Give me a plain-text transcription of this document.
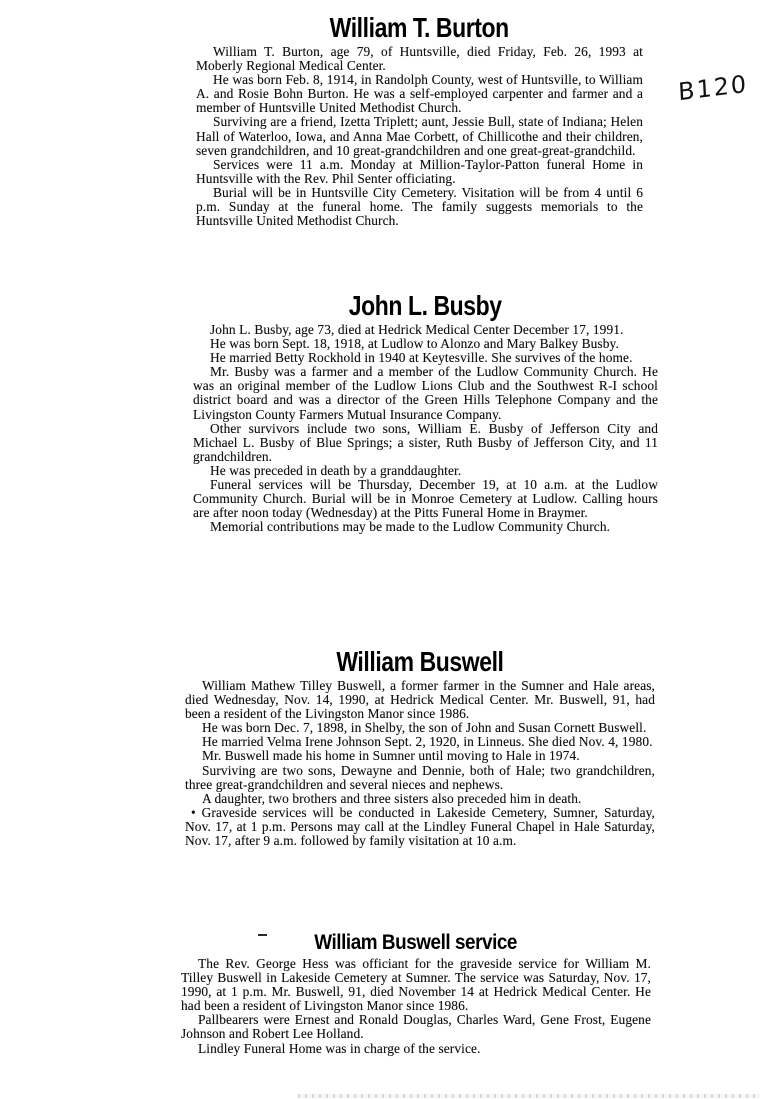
B120
William T. Burton

William T. Burton, age 79, of Huntsville, died Friday, Feb. 26, 1993 at Moberly Regional Medical Center.

He was born Feb. 8, 1914, in Randolph County, west of Huntsville, to William A. and Rosie Bohn Burton. He was a self-employed carpenter and farmer and a member of Huntsville United Methodist Church.

Surviving are a friend, Izetta Triplett; aunt, Jessie Bull, state of Indiana; Helen Hall of Waterloo, Iowa, and Anna Mae Corbett, of Chillicothe and their children, seven grandchildren, and 10 great-grandchildren and one great-great-grandchild.

Services were 11 a.m. Monday at Million-Taylor-Patton funeral Home in Huntsville with the Rev. Phil Senter officiating.

Burial will be in Huntsville City Cemetery. Visitation will be from 4 until 6 p.m. Sunday at the funeral home. The family suggests memorials to the Huntsville United Methodist Church.

John L. Busby

John L. Busby, age 73, died at Hedrick Medical Center December 17, 1991.

He was born Sept. 18, 1918, at Ludlow to Alonzo and Mary Balkey Busby.

He married Betty Rockhold in 1940 at Keytesville. She survives of the home.

Mr. Busby was a farmer and a member of the Ludlow Community Church. He was an original member of the Ludlow Lions Club and the Southwest R-I school district board and was a director of the Green Hills Telephone Company and the Livingston County Farmers Mutual Insurance Company.

Other survivors include two sons, William E. Busby of Jefferson City and Michael L. Busby of Blue Springs; a sister, Ruth Busby of Jefferson City, and 11 grandchildren.

He was preceded in death by a granddaughter.

Funeral services will be Thursday, December 19, at 10 a.m. at the Ludlow Community Church. Burial will be in Monroe Cemetery at Ludlow. Calling hours are after noon today (Wednesday) at the Pitts Funeral Home in Braymer.

Memorial contributions may be made to the Ludlow Community Church.

William Buswell

William Mathew Tilley Buswell, a former farmer in the Sumner and Hale areas, died Wednesday, Nov. 14, 1990, at Hedrick Medical Center. Mr. Buswell, 91, had been a resident of the Livingston Manor since 1986.

He was born Dec. 7, 1898, in Shelby, the son of John and Susan Cornett Buswell.

He married Velma Irene Johnson Sept. 2, 1920, in Linneus. She died Nov. 4, 1980.

Mr. Buswell made his home in Sumner until moving to Hale in 1974.

Surviving are two sons, Dewayne and Dennie, both of Hale; two grandchildren, three great-grandchildren and several nieces and nephews.

A daughter, two brothers and three sisters also preceded him in death.

• Graveside services will be conducted in Lakeside Cemetery, Sumner, Saturday, Nov. 17, at 1 p.m. Persons may call at the Lindley Funeral Chapel in Hale Saturday, Nov. 17, after 9 a.m. followed by family visitation at 10 a.m.

William Buswell service

The Rev. George Hess was officiant for the graveside service for William M. Tilley Buswell in Lakeside Cemetery at Sumner. The service was Saturday, Nov. 17, 1990, at 1 p.m. Mr. Buswell, 91, died November 14 at Hedrick Medical Center. He had been a resident of Livingston Manor since 1986.

Pallbearers were Ernest and Ronald Douglas, Charles Ward, Gene Frost, Eugene Johnson and Robert Lee Holland.

Lindley Funeral Home was in charge of the service.
